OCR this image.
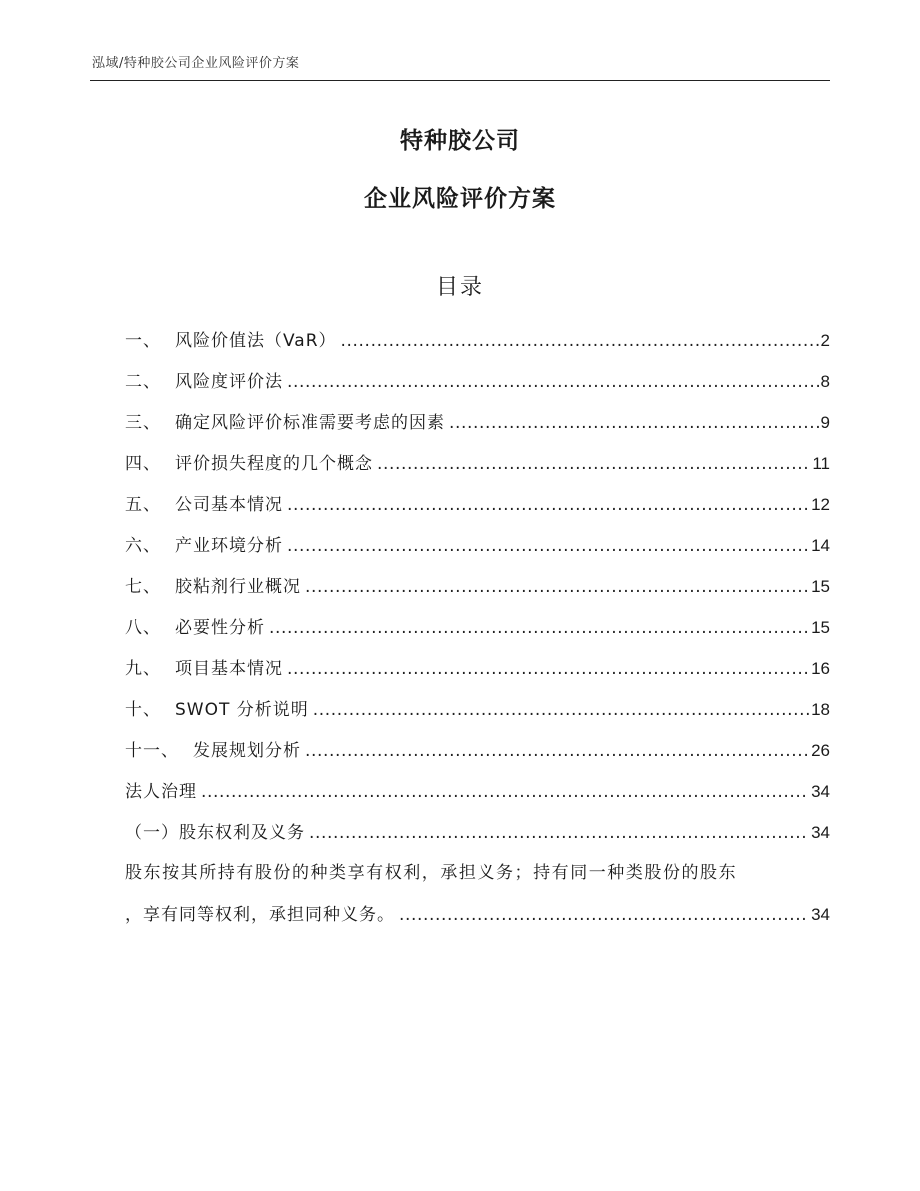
泓域/特种胶公司企业风险评价方案
特种胶公司
企业风险评价方案
目录
一、 风险价值法（VaR） .....	2
二、 风险度评价法 .....	8
三、 确定风险评价标准需要考虑的因素 .....	9
四、 评价损失程度的几个概念 .....	11
五、 公司基本情况 .....	12
六、 产业环境分析 .....	14
七、 胶粘剂行业概况 .....	15
八、 必要性分析 .....	15
九、 项目基本情况 .....	16
十、 SWOT 分析说明 .....	18
十一、 发展规划分析 .....	26
法人治理 .....	34
（一）股东权利及义务 .....	34
股东按其所持有股份的种类享有权利，承担义务；持有同一种类股份的股东
，享有同等权利，承担同种义务。 .....	34
